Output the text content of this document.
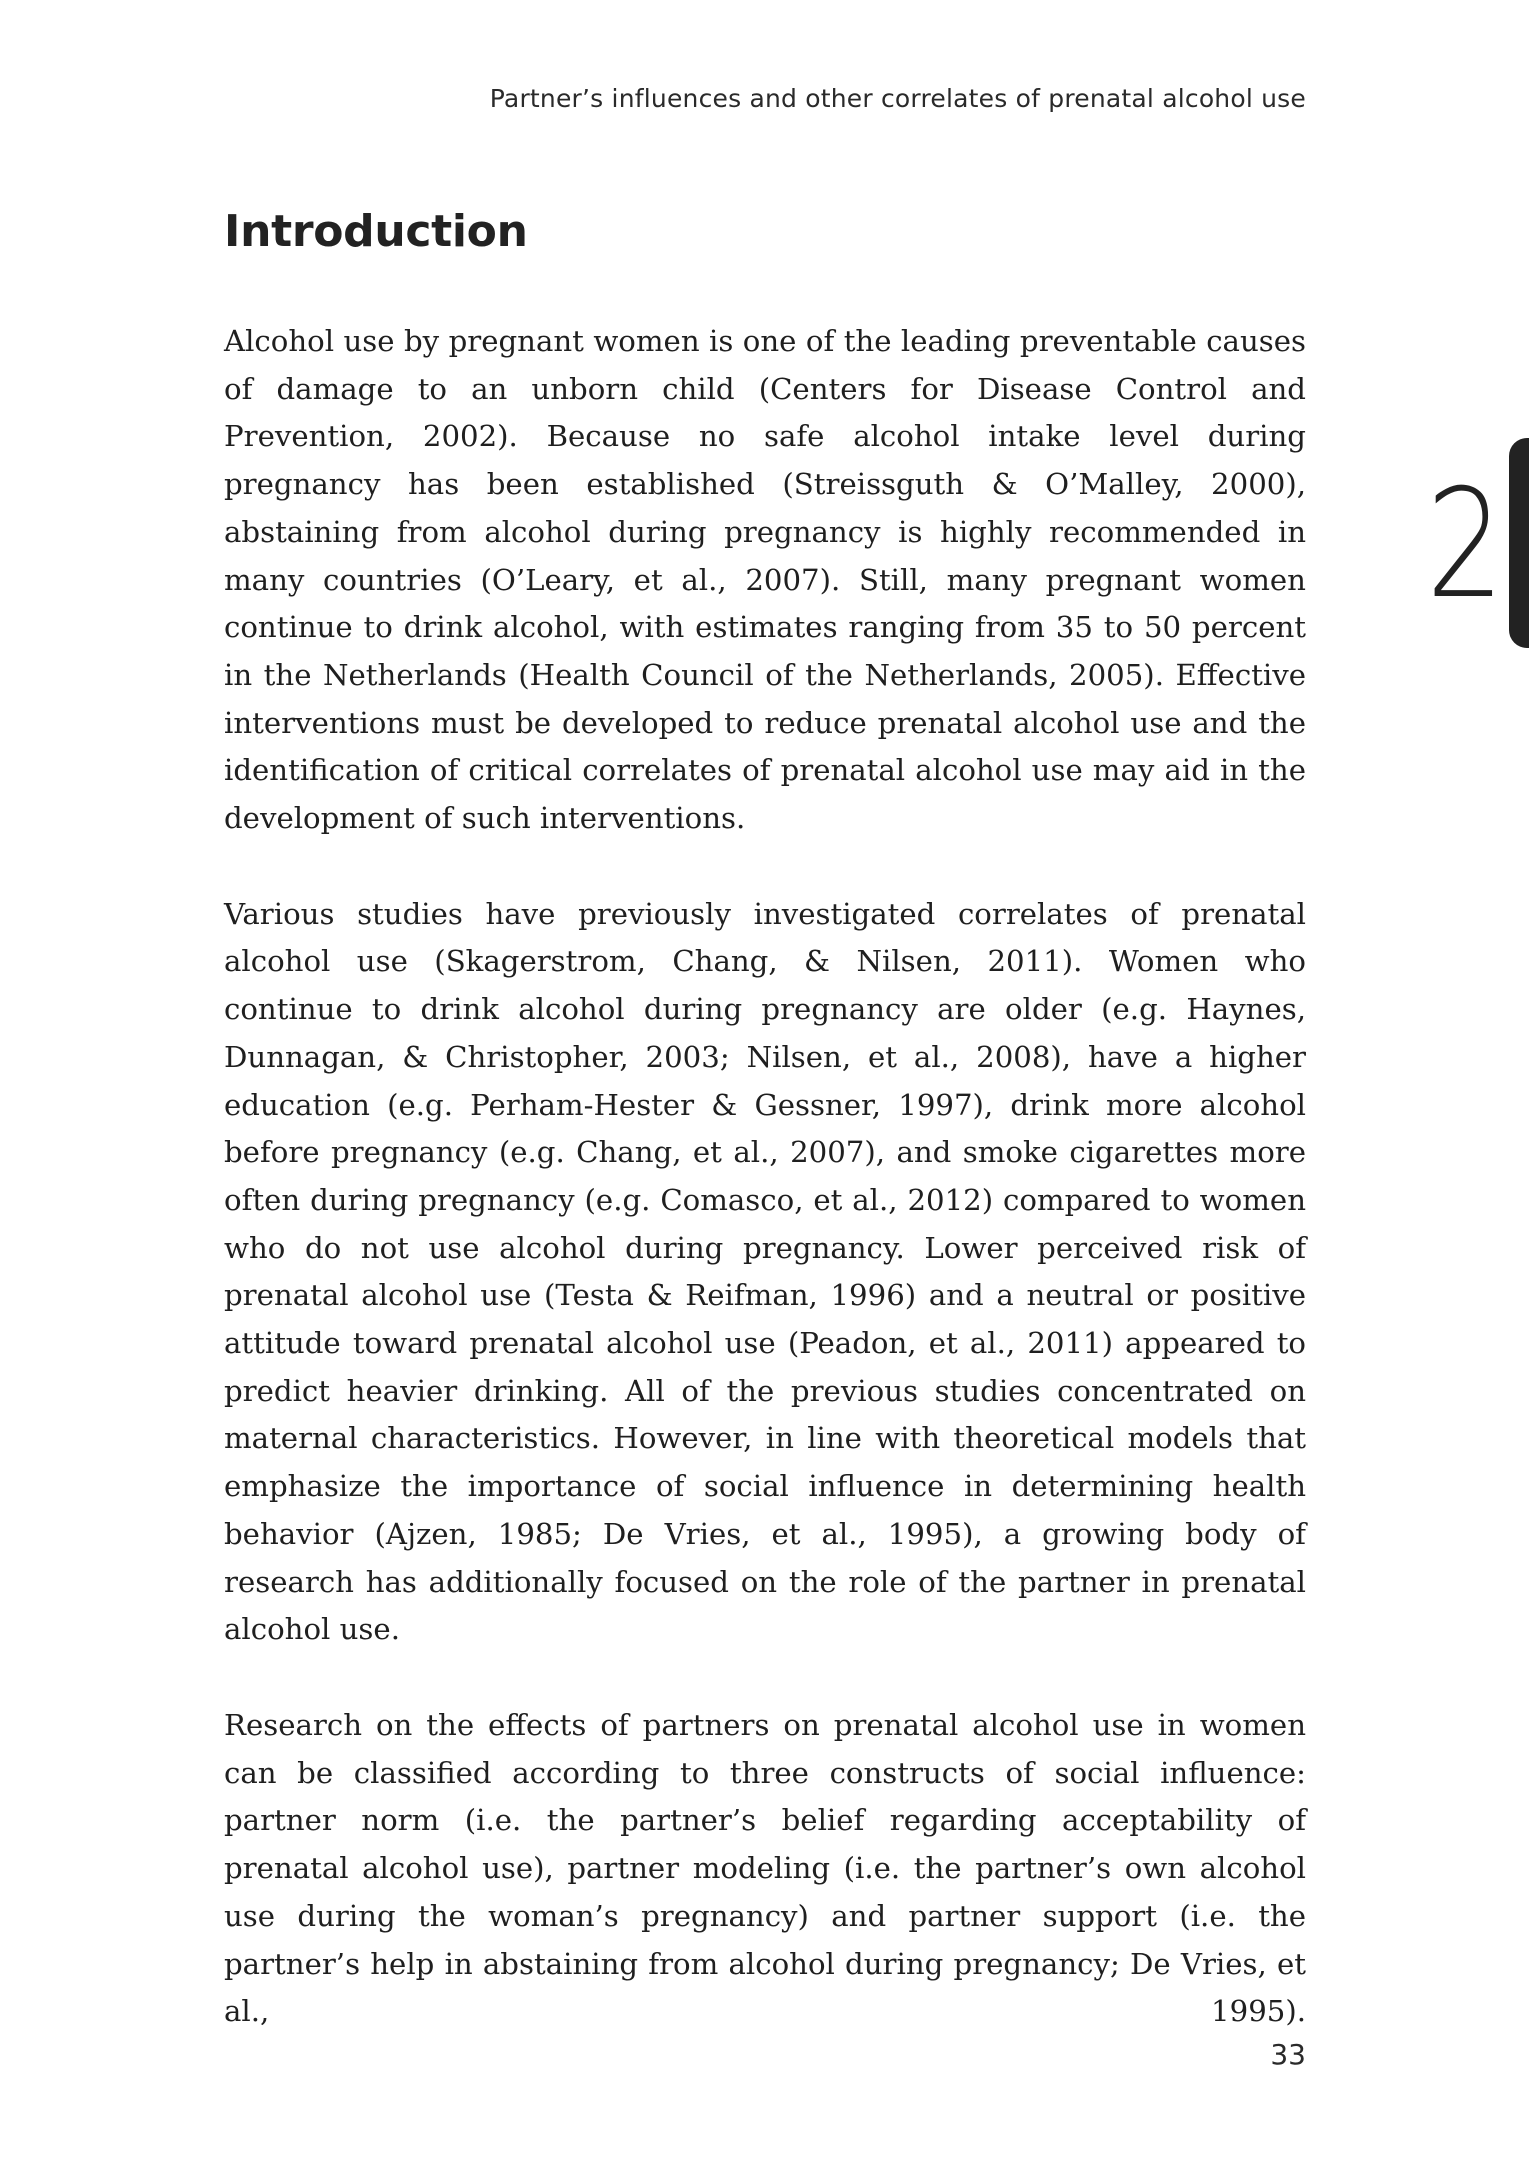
Partner’s influences and other correlates of prenatal alcohol use
Introduction

Alcohol use by pregnant women is one of the leading preventable causes of damage to an unborn child (Centers for Disease Control and Prevention, 2002). Because no safe alcohol intake level during pregnancy has been established (Streissguth & O’Malley, 2000), abstaining from alcohol during pregnancy is highly recommended in many countries (O’Leary, et al., 2007). Still, many pregnant women continue to drink alcohol, with estimates ranging from 35 to 50 percent in the Netherlands (Health Council of the Netherlands, 2005). Effective interventions must be developed to reduce prenatal alcohol use and the identification of critical correlates of prenatal alcohol use may aid in the development of such interventions.

Various studies have previously investigated correlates of prenatal alcohol use (Skagerstrom, Chang, & Nilsen, 2011). Women who continue to drink alcohol during pregnancy are older (e.g. Haynes, Dunnagan, & Christopher, 2003; Nilsen, et al., 2008), have a higher education (e.g. Perham-Hester & Gessner, 1997), drink more alcohol before pregnancy (e.g. Chang, et al., 2007), and smoke cigarettes more often during pregnancy (e.g. Comasco, et al., 2012) compared to women who do not use alcohol during pregnancy. Lower perceived risk of prenatal alcohol use (Testa & Reifman, 1996) and a neutral or positive attitude toward prenatal alcohol use (Peadon, et al., 2011) appeared to predict heavier drinking. All of the previous studies concentrated on maternal characteristics. However, in line with theoretical models that emphasize the importance of social influence in determining health behavior (Ajzen, 1985; De Vries, et al., 1995), a growing body of research has additionally focused on the role of the partner in prenatal alcohol use.

Research on the effects of partners on prenatal alcohol use in women can be classified according to three constructs of social influence: partner norm (i.e. the partner’s belief regarding acceptability of prenatal alcohol use), partner modeling (i.e. the partner’s own alcohol use during the woman’s pregnancy) and partner support (i.e. the partner’s help in abstaining from alcohol during pregnancy; De Vries, et al., 1995).

2
33
